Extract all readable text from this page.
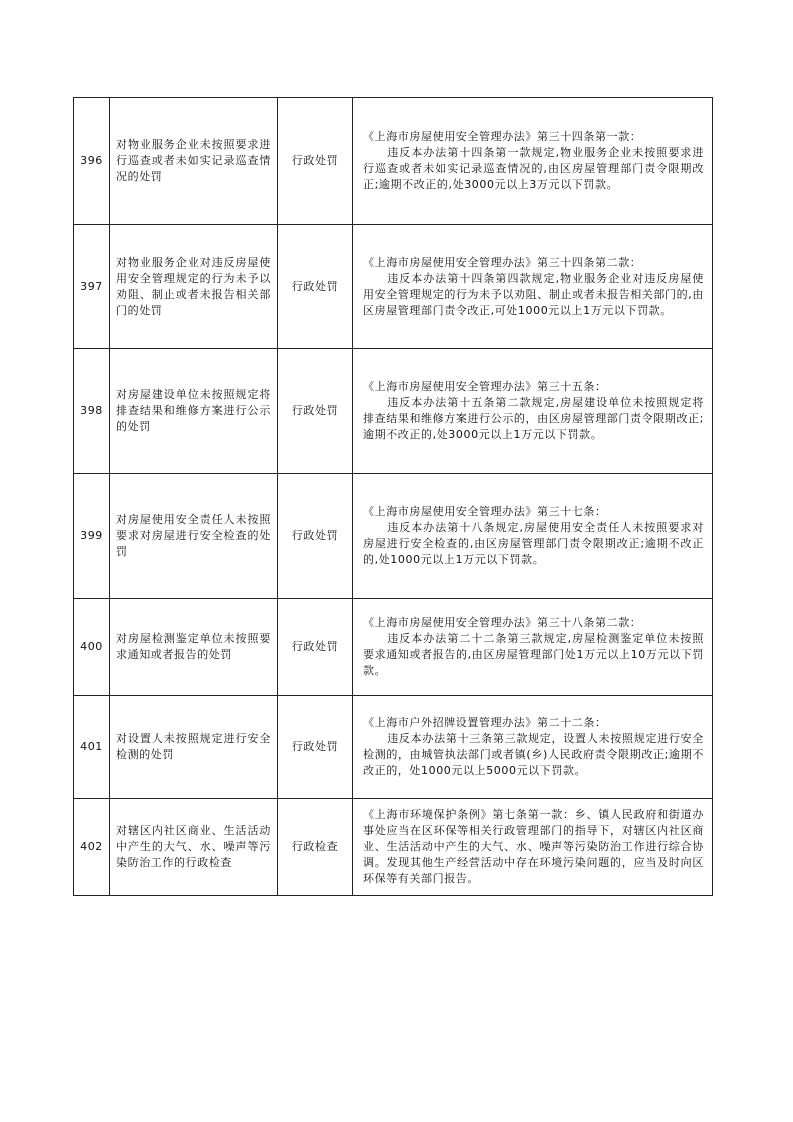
396	对物业服务企业未按照要求进行巡查或者未如实记录巡查情况的处罚	行政处罚	《上海市房屋使用安全管理办法》第三十四条第一款：
违反本办法第十四条第一款规定,物业服务企业未按照要求进行巡查或者未如实记录巡查情况的,由区房屋管理部门责令限期改正;逾期不改正的,处3000元以上3万元以下罚款。

397	对物业服务企业对违反房屋使用安全管理规定的行为未予以劝阻、制止或者未报告相关部门的处罚	行政处罚	《上海市房屋使用安全管理办法》第三十四条第二款：
违反本办法第十四条第四款规定,物业服务企业对违反房屋使用安全管理规定的行为未予以劝阻、制止或者未报告相关部门的,由区房屋管理部门责令改正,可处1000元以上1万元以下罚款。

398	对房屋建设单位未按照规定将排查结果和维修方案进行公示的处罚	行政处罚	《上海市房屋使用安全管理办法》第三十五条：
违反本办法第十五条第二款规定,房屋建设单位未按照规定将排查结果和维修方案进行公示的，由区房屋管理部门责令限期改正;逾期不改正的,处3000元以上1万元以下罚款。

399	对房屋使用安全责任人未按照要求对房屋进行安全检查的处罚	行政处罚	《上海市房屋使用安全管理办法》第三十七条：
违反本办法第十八条规定,房屋使用安全责任人未按照要求对房屋进行安全检查的,由区房屋管理部门责令限期改正;逾期不改正的,处1000元以上1万元以下罚款。

400	对房屋检测鉴定单位未按照要求通知或者报告的处罚	行政处罚	《上海市房屋使用安全管理办法》第三十八条第二款：
违反本办法第二十二条第三款规定,房屋检测鉴定单位未按照要求通知或者报告的,由区房屋管理部门处1万元以上10万元以下罚款。

401	对设置人未按照规定进行安全检测的处罚	行政处罚	《上海市户外招牌设置管理办法》第二十二条：
违反本办法第十三条第三款规定，设置人未按照规定进行安全检测的，由城管执法部门或者镇(乡)人民政府责令限期改正;逾期不改正的，处1000元以上5000元以下罚款。

402	对辖区内社区商业、生活活动中产生的大气、水、噪声等污染防治工作的行政检查	行政检查	《上海市环境保护条例》第七条第一款：乡、镇人民政府和街道办事处应当在区环保等相关行政管理部门的指导下，对辖区内社区商业、生活活动中产生的大气、水、噪声等污染防治工作进行综合协调。发现其他生产经营活动中存在环境污染问题的，应当及时向区环保等有关部门报告。
